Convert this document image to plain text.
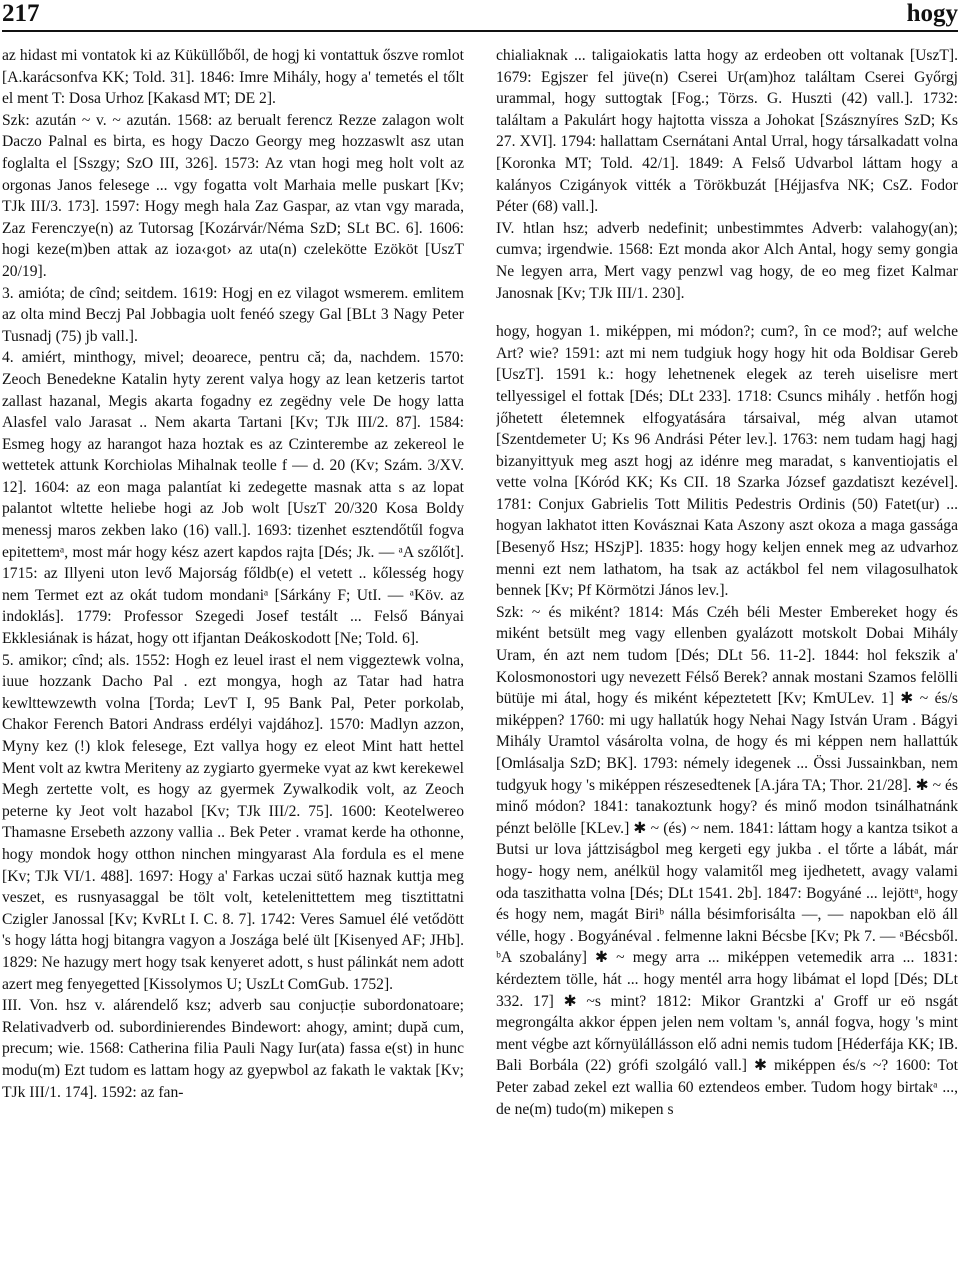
217	hogy

az hidast mi vontatok ki az Küküllőből, de hogj ki vontattuk őszve romlot [A.karácsonfva KK; Told. 31]. 1846: Imre Mihály, hogy a' temetés el tőlt el ment T: Dosa Urhoz [Kakasd MT; DE 2].

Szk: azután ~ v. ~ azután. 1568: az berualt ferencz Rezze zalagon wolt Daczo Palnal es birta, es hogy Daczo Georgy meg hozzaswlt asz utan foglalta el [Sszgy; SzO III, 326]. 1573: Az vtan hogi meg holt volt az orgonas Janos felesege ... vgy fogatta volt Marhaia melle puskart [Kv; TJk III/3. 173]. 1597: Hogy megh hala Zaz Gaspar, az vtan vgy marada, Zaz Ferenczye(n) az Tutorsag [Kozárvár/Néma SzD; SLt BC. 6]. 1606: hogi keze(m)ben attak az ioza‹got› az uta(n) czelekötte Ezököt [UszT 20/19].

3. amióta; de cînd; seitdem. 1619: Hogj en ez vilagot wsmerem. emlitem az olta mind Beczj Pal Jobbagia uolt fenéó szegy Gal [BLt 3 Nagy Peter Tusnadj (75) jb vall.].

4. amiért, minthogy, mivel; deoarece, pentru că; da, nachdem. 1570: Zeoch Benedekne Katalin hyty zerent valya hogy az lean ketzeris tartot zallast hazanal, Megis akarta fogadny ez zegëdny vele De hogy latta Alasfel valo Jarasat .. Nem akarta Tartani [Kv; TJk III/2. 87]. 1584: Esmeg hogy az harangot haza hoztak es az Czinterembe az zekereol le wettetek attunk Korchiolas Mihalnak teolle f — d. 20 (Kv; Szám. 3/XV. 12]. 1604: az eon maga palantíat ki zedegette masnak atta s az lopat palantot wltette heliebe hogi az Job wolt [UszT 20/320 Kosa Boldy menessj maros zekben lako (16) vall.]. 1693: tizenhet esztendőtűl fogva epitettemᵃ, most már hogy kész azert kapdos rajta [Dés; Jk. — ᵃA szőlőt]. 1715: az Illyeni uton levő Majorság főldb(e) el vetett .. kőlesség hogy nem Termet ezt az okát tudom mondaniᵃ [Sárkány F; UtI. — ᵃKöv. az indoklás]. 1779: Professor Szegedi Josef testált ... Felső Bányai Ekklesiának is házat, hogy ott ifjantan Deákoskodott [Ne; Told. 6].

5. amikor; cînd; als. 1552: Hogh ez leuel irast el nem viggeztewk volna, iuue hozzank Dacho Pal . ezt mongya, hogh az Tatar had hatra kewlttewzewth volna [Torda; LevT I, 95 Bank Pal, Peter porkolab, Chakor Ferench Batori Andrass erdélyi vajdához]. 1570: Madlyn azzon, Myny kez (!) klok felesege, Ezt vallya hogy ez eleot Mint hatt hettel Ment volt az kwtra Meriteny az zygiarto gyermeke vyat az kwt kerekewel Megh zertette volt, es hogy az gyermek Zywalkodik volt, az Zeoch peterne ky Jeot volt hazabol [Kv; TJk III/2. 75]. 1600: Keotelwereo Thamasne Ersebeth azzony vallia .. Bek Peter . vramat kerde ha othonne, hogy mondok hogy otthon ninchen mingyarast Ala fordula es el mene [Kv; TJk VI/1. 488]. 1697: Hogy a' Farkas uczai sütő haznak kuttja meg veszet, es rusnyasaggal be tölt volt, ketelenittettem meg tisztittatni Czigler Janossal [Kv; KvRLt I. C. 8. 7]. 1742: Veres Samuel élé vetődött 's hogy látta hogj bitangra vagyon a Joszága belé ült [Kisenyed AF; JHb]. 1829: Ne hazugy mert hogy tsak kenyeret adott, s hust pálinkát nem adott azert meg fenyegetted [Kissolymos U; UszLt ComGub. 1752].

III. Von. hsz v. alárendelő ksz; adverb sau conjucție subordonatoare; Relativadverb od. subordinierendes Bindewort: ahogy, amint; după cum, precum; wie. 1568: Catherina filia Pauli Nagy Iur(ata) fassa e(st) in hunc modu(m) Ezt tudom es lattam hogy az gyepwbol az fakath le vaktak [Kv; TJk III/1. 174]. 1592: az fan-

chialiaknak ... taligaiokatis latta hogy az erdeoben ott voltanak [UszT]. 1679: Egjszer fel jüve(n) Cserei Ur(am)hoz találtam Cserei Győrgj urammal, hogy suttogtak [Fog.; Törzs. G. Huszti (42) vall.]. 1732: találtam a Pakulárt hogy hajtotta vissza a Johokat [Szásznyíres SzD; Ks 27. XVI]. 1794: hallattam Csernátani Antal Urral, hogy társalkadatt volna [Koronka MT; Told. 42/1]. 1849: A Felső Udvarbol láttam hogy a kalányos Czigányok vitték a Törökbuzát [Héjjasfva NK; CsZ. Fodor Péter (68) vall.].

IV. htlan hsz; adverb nedefinit; unbestimmtes Adverb: valahogy(an); cumva; irgendwie. 1568: Ezt monda akor Alch Antal, hogy semy gongia Ne legyen arra, Mert vagy penzwl vag hogy, de eo meg fizet Kalmar Janosnak [Kv; TJk III/1. 230].

hogy, hogyan 1. miképpen, mi módon?; cum?, în ce mod?; auf welche Art? wie? 1591: azt mi nem tudgiuk hogy hogy hit oda Boldisar Gereb [UszT]. 1591 k.: hogy lehetnenek elegek az tereh uiselisre mert tellyessigel el fottak [Dés; DLt 233]. 1718: Csuncs mihály . hetfőn hogj jőhetett életemnek elfogyatására társaival, még alvan utamot [Szentdemeter U; Ks 96 Andrási Péter lev.]. 1763: nem tudam hagj hagj bizanyittyuk meg aszt hogj az idénre meg maradat, s kanventiojatis el vette volna [Kóród KK; Ks CII. 18 Szarka József gazdatiszt kezével]. 1781: Conjux Gabrielis Tott Militis Pedestris Ordinis (50) Fatet(ur) ... hogyan lakhatot itten Kovásznai Kata Aszony aszt okoza a maga gassága [Besenyő Hsz; HSzjP]. 1835: hogy hogy keljen ennek meg az udvarhoz menni ezt nem lathatom, ha tsak az actákbol fel nem vilagosulhatok bennek [Kv; Pf Körmötzi János lev.].

Szk: ~ és miként? 1814: Más Czéh béli Mester Embereket hogy és miként betsült meg vagy ellenben gyalázott motskolt Dobai Mihály Uram, én azt nem tudom [Dés; DLt 56. 11-2]. 1844: hol fekszik a' Kolosmonostori ugy nevezett Félső Berek? annak mostani Szamos felölli bütüje mi átal, hogy és miként képeztetett [Kv; KmULev. 1] ✱ ~ és/s miképpen? 1760: mi ugy hallatúk hogy Nehai Nagy István Uram . Bágyi Mihály Uramtol vásárolta volna, de hogy és mi képpen nem hallattúk [Omlásalja SzD; BK]. 1793: némely idegenek ... Össi Jussainkban, nem tudgyuk hogy 's miképpen részesedtenek [A.jára TA; Thor. 21/28]. ✱ ~ és minő módon? 1841: tanakoztunk hogy? és minő modon tsinálhatnánk pénzt belölle [KLev.] ✱ ~ (és) ~ nem. 1841: láttam hogy a kantza tsikot a Butsi ur lova játtziságbol meg kergeti egy jukba . el tőrte a lábát, már hogy- hogy nem, anélkül hogy valamitől meg ijedhetett, avagy valami oda taszithatta volna [Dés; DLt 1541. 2b]. 1847: Bogyáné ... lejöttᵃ, hogy és hogy nem, magát Biriᵇ nálla bésimforisálta —, — napokban elö áll vélle, hogy . Bogyánéval . felmenne lakni Bécsbe [Kv; Pk 7. — ᵃBécsből. ᵇA szobalány] ✱ ~ megy arra ... miképpen vetemedik arra ... 1831: kérdeztem tölle, hát ... hogy mentél arra hogy libámat el lopd [Dés; DLt 332. 17] ✱ ~s mint? 1812: Mikor Grantzki a' Groff ur eö nsgát megrongálta akkor éppen jelen nem voltam 's, annál fogva, hogy 's mint ment végbe azt kőrnyülállásson elő adni nemis tudom [Héderfája KK; IB. Bali Borbála (22) grófi szolgáló vall.] ✱ miképpen és/s ~? 1600: Tot Peter zabad zekel ezt wallia 60 eztendeos ember. Tudom hogy birtakᵃ ..., de ne(m) tudo(m) mikepen s
